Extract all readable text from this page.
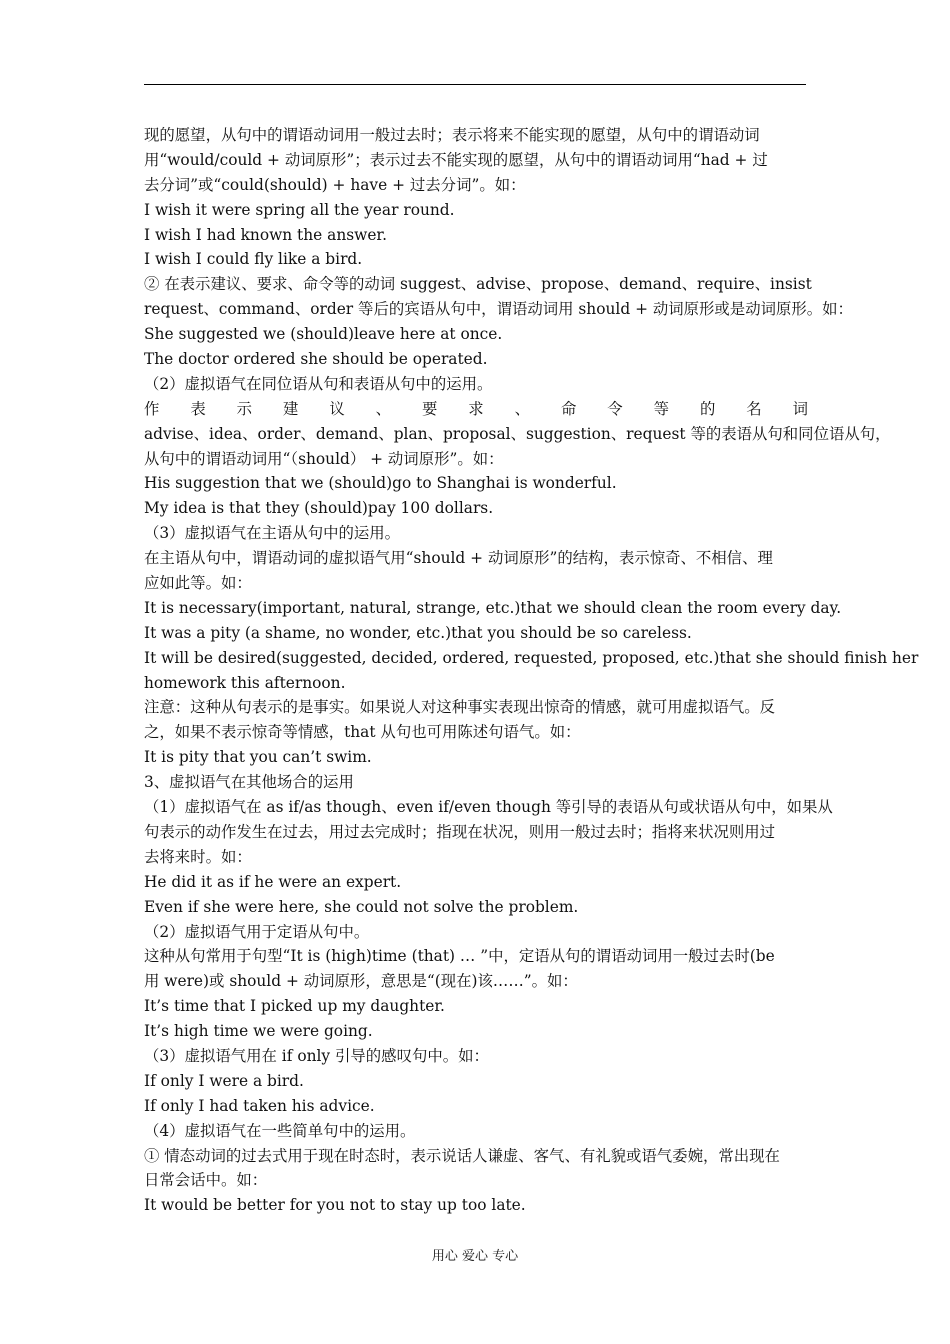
现的愿望，从句中的谓语动词用一般过去时；表示将来不能实现的愿望，从句中的谓语动词
用“would/could + 动词原形”；表示过去不能实现的愿望，从句中的谓语动词用“had + 过
去分词”或“could(should) + have + 过去分词”。如：
I wish it were spring all the year round.
I wish I had known the answer.
I wish I could fly like a bird.
② 在表示建议、要求、命令等的动词 suggest、advise、propose、demand、require、insist
request、command、order 等后的宾语从句中，谓语动词用 should + 动词原形或是动词原形。如：
She suggested we (should)leave here at once.
The doctor ordered she should be operated.
（2）虚拟语气在同位语从句和表语从句中的运用。
作 表 示 建 议 、 要 求 、 命 令 等 的 名 词
advise、idea、order、demand、plan、proposal、suggestion、request 等的表语从句和同位语从句，
从句中的谓语动词用“（should） + 动词原形”。如：
His suggestion that we (should)go to Shanghai is wonderful.
My idea is that they (should)pay 100 dollars.
（3）虚拟语气在主语从句中的运用。
在主语从句中，谓语动词的虚拟语气用“should + 动词原形”的结构，表示惊奇、不相信、理
应如此等。如：
It is necessary(important, natural, strange, etc.)that we should clean the room every day.
It was a pity (a shame, no wonder, etc.)that you should be so careless.
It will be desired(suggested, decided, ordered, requested, proposed, etc.)that she should finish her
homework this afternoon.
注意：这种从句表示的是事实。如果说人对这种事实表现出惊奇的情感，就可用虚拟语气。反
之，如果不表示惊奇等情感，that 从句也可用陈述句语气。如：
It is pity that you can’t swim.
3、虚拟语气在其他场合的运用
（1）虚拟语气在 as if/as though、even if/even though 等引导的表语从句或状语从句中，如果从
句表示的动作发生在过去，用过去完成时；指现在状况，则用一般过去时；指将来状况则用过
去将来时。如：
He did it as if he were an expert.
Even if she were here, she could not solve the problem.
（2）虚拟语气用于定语从句中。
这种从句常用于句型“It is (high)time (that) … ”中，定语从句的谓语动词用一般过去时(be
用 were)或 should + 动词原形，意思是“(现在)该……”。如：
It’s time that I picked up my daughter.
It’s high time we were going.
（3）虚拟语气用在 if only 引导的感叹句中。如：
If only I were a bird.
If only I had taken his advice.
（4）虚拟语气在一些简单句中的运用。
① 情态动词的过去式用于现在时态时，表示说话人谦虚、客气、有礼貌或语气委婉，常出现在
日常会话中。如：
It would be better for you not to stay up too late.
用心 爱心 专心
